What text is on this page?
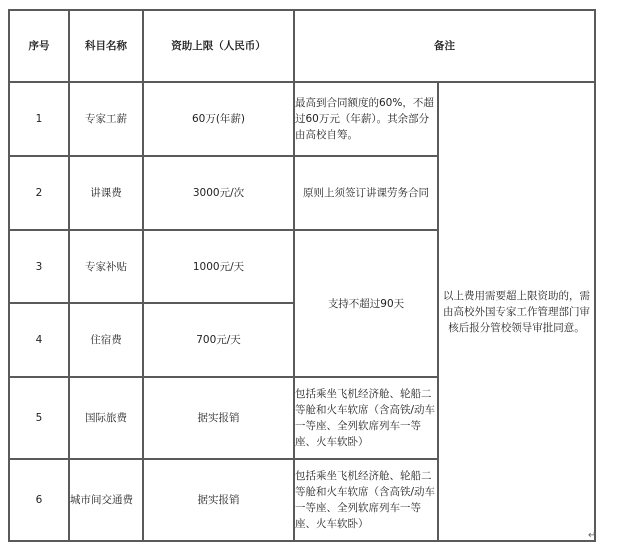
序号	科目名称	资助上限（人民币）	备注	
1	专家工薪	60万(年薪)	最高到合同额度的60%，不超过60万元（年薪）。其余部分由高校自筹。	以上费用需要超上限资助的，需由高校外国专家工作管理部门审核后报分管校领导审批同意。
2	讲课费	3000元/次	原则上须签订讲课劳务合同	
3	专家补贴	1000元/天	支持不超过90天	
4	住宿费	700元/天		
5	国际旅费	据实报销	包括乘坐飞机经济舱、轮船二等舱和火车软席（含高铁/动车一等座、全列软席列车一等座、火车软卧）	
6	城市间交通费	据实报销	包括乘坐飞机经济舱、轮船二等舱和火车软席（含高铁/动车一等座、全列软席列车一等座、火车软卧）	
↵
